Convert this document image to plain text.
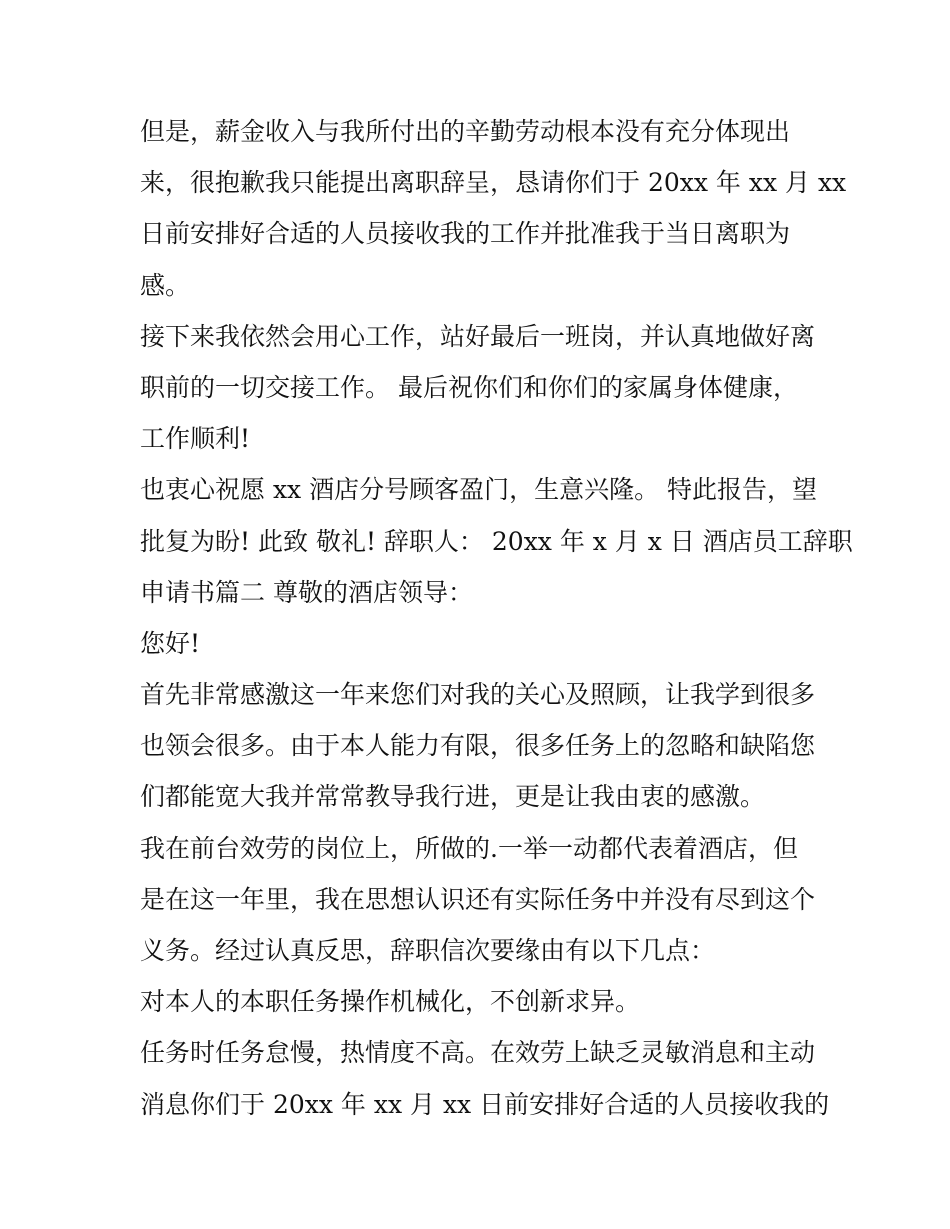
但是，薪金收入与我所付出的辛勤劳动根本没有充分体现出
来，很抱歉我只能提出离职辞呈，恳请你们于 20xx 年 xx 月 xx
日前安排好合适的人员接收我的工作并批准我于当日离职为
感。
接下来我依然会用心工作，站好最后一班岗，并认真地做好离
职前的一切交接工作。 最后祝你们和你们的家属身体健康，
工作顺利!
也衷心祝愿 xx 酒店分号顾客盈门，生意兴隆。 特此报告，望
批复为盼! 此致 敬礼! 辞职人： 20xx 年 x 月 x 日 酒店员工辞职
申请书篇二 尊敬的酒店领导：
您好!
首先非常感激这一年来您们对我的关心及照顾，让我学到很多
也领会很多。由于本人能力有限，很多任务上的忽略和缺陷您
们都能宽大我并常常教导我行进，更是让我由衷的感激。
我在前台效劳的岗位上，所做的.一举一动都代表着酒店，但
是在这一年里，我在思想认识还有实际任务中并没有尽到这个
义务。经过认真反思，辞职信次要缘由有以下几点：
对本人的本职任务操作机械化，不创新求异。
任务时任务怠慢，热情度不高。在效劳上缺乏灵敏消息和主动
消息你们于 20xx 年 xx 月 xx 日前安排好合适的人员接收我的
